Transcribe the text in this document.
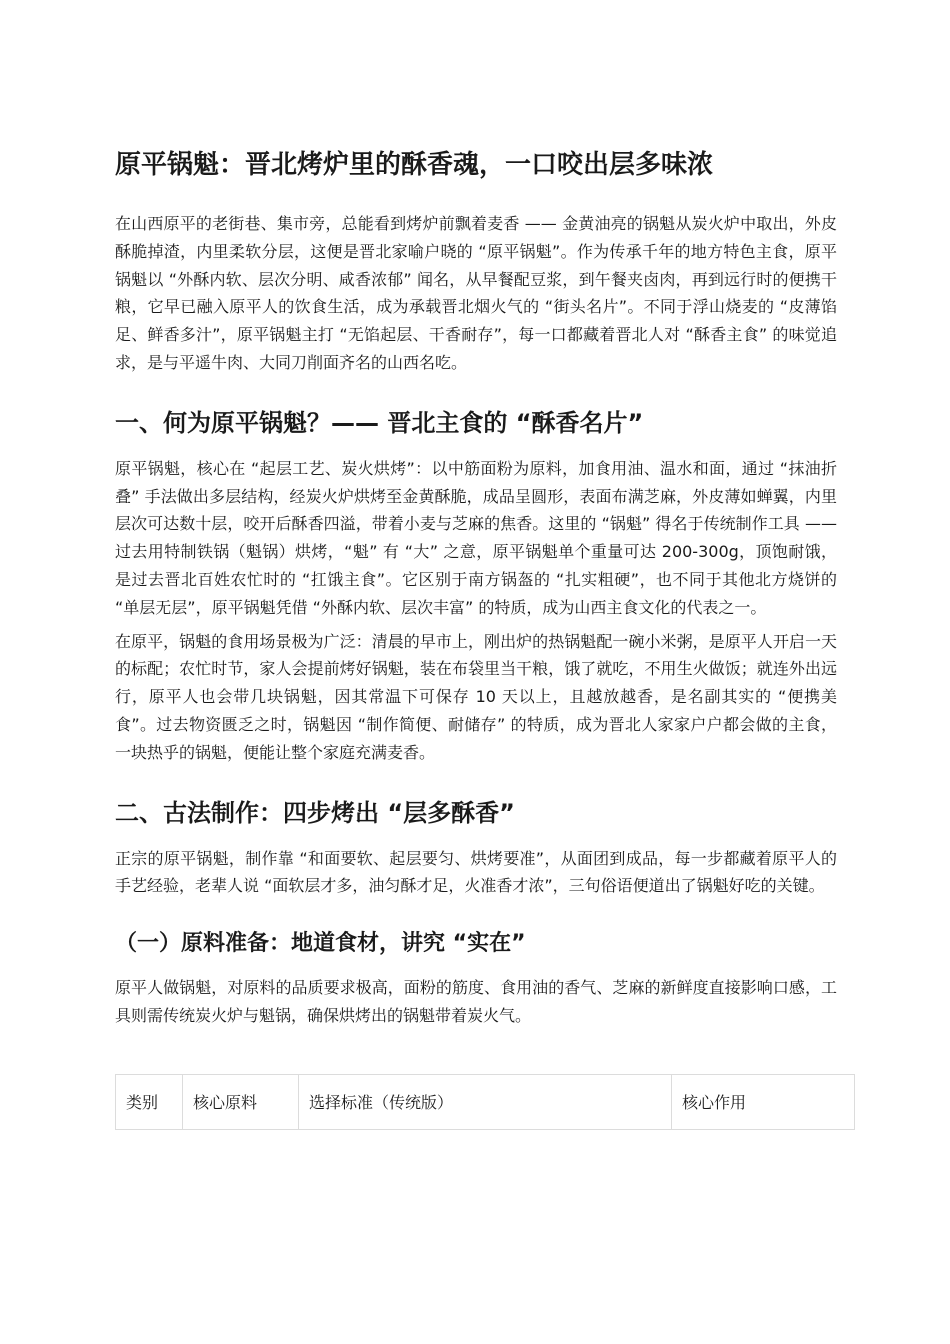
原平锅魁：晋北烤炉里的酥香魂，一口咬出层多味浓

在山西原平的老街巷、集市旁，总能看到烤炉前飘着麦香 —— 金黄油亮的锅魁从炭火炉中取出，外皮酥脆掉渣，内里柔软分层，这便是晋北家喻户晓的 “原平锅魁”。作为传承千年的地方特色主食，原平锅魁以 “外酥内软、层次分明、咸香浓郁” 闻名，从早餐配豆浆，到午餐夹卤肉，再到远行时的便携干粮，它早已融入原平人的饮食生活，成为承载晋北烟火气的 “街头名片”。不同于浮山烧麦的 “皮薄馅足、鲜香多汁”，原平锅魁主打 “无馅起层、干香耐存”，每一口都藏着晋北人对 “酥香主食” 的味觉追求，是与平遥牛肉、大同刀削面齐名的山西名吃。

一、何为原平锅魁？—— 晋北主食的 “酥香名片”

原平锅魁，核心在 “起层工艺、炭火烘烤”：以中筋面粉为原料，加食用油、温水和面，通过 “抹油折叠” 手法做出多层结构，经炭火炉烘烤至金黄酥脆，成品呈圆形，表面布满芝麻，外皮薄如蝉翼，内里层次可达数十层，咬开后酥香四溢，带着小麦与芝麻的焦香。这里的 “锅魁” 得名于传统制作工具 —— 过去用特制铁锅（魁锅）烘烤，“魁” 有 “大” 之意，原平锅魁单个重量可达 200-300g，顶饱耐饿，是过去晋北百姓农忙时的 “扛饿主食”。它区别于南方锅盔的 “扎实粗硬”，也不同于其他北方烧饼的 “单层无层”，原平锅魁凭借 “外酥内软、层次丰富” 的特质，成为山西主食文化的代表之一。

在原平，锅魁的食用场景极为广泛：清晨的早市上，刚出炉的热锅魁配一碗小米粥，是原平人开启一天的标配；农忙时节，家人会提前烤好锅魁，装在布袋里当干粮，饿了就吃，不用生火做饭；就连外出远行，原平人也会带几块锅魁，因其常温下可保存 10 天以上，且越放越香，是名副其实的 “便携美食”。过去物资匮乏之时，锅魁因 “制作简便、耐储存” 的特质，成为晋北人家家户户都会做的主食，一块热乎的锅魁，便能让整个家庭充满麦香。

二、古法制作：四步烤出 “层多酥香”

正宗的原平锅魁，制作靠 “和面要软、起层要匀、烘烤要准”，从面团到成品，每一步都藏着原平人的手艺经验，老辈人说 “面软层才多，油匀酥才足，火准香才浓”，三句俗语便道出了锅魁好吃的关键。

（一）原料准备：地道食材，讲究 “实在”

原平人做锅魁，对原料的品质要求极高，面粉的筋度、食用油的香气、芝麻的新鲜度直接影响口感，工具则需传统炭火炉与魁锅，确保烘烤出的锅魁带着炭火气。

类别	核心原料	选择标准（传统版）	核心作用
